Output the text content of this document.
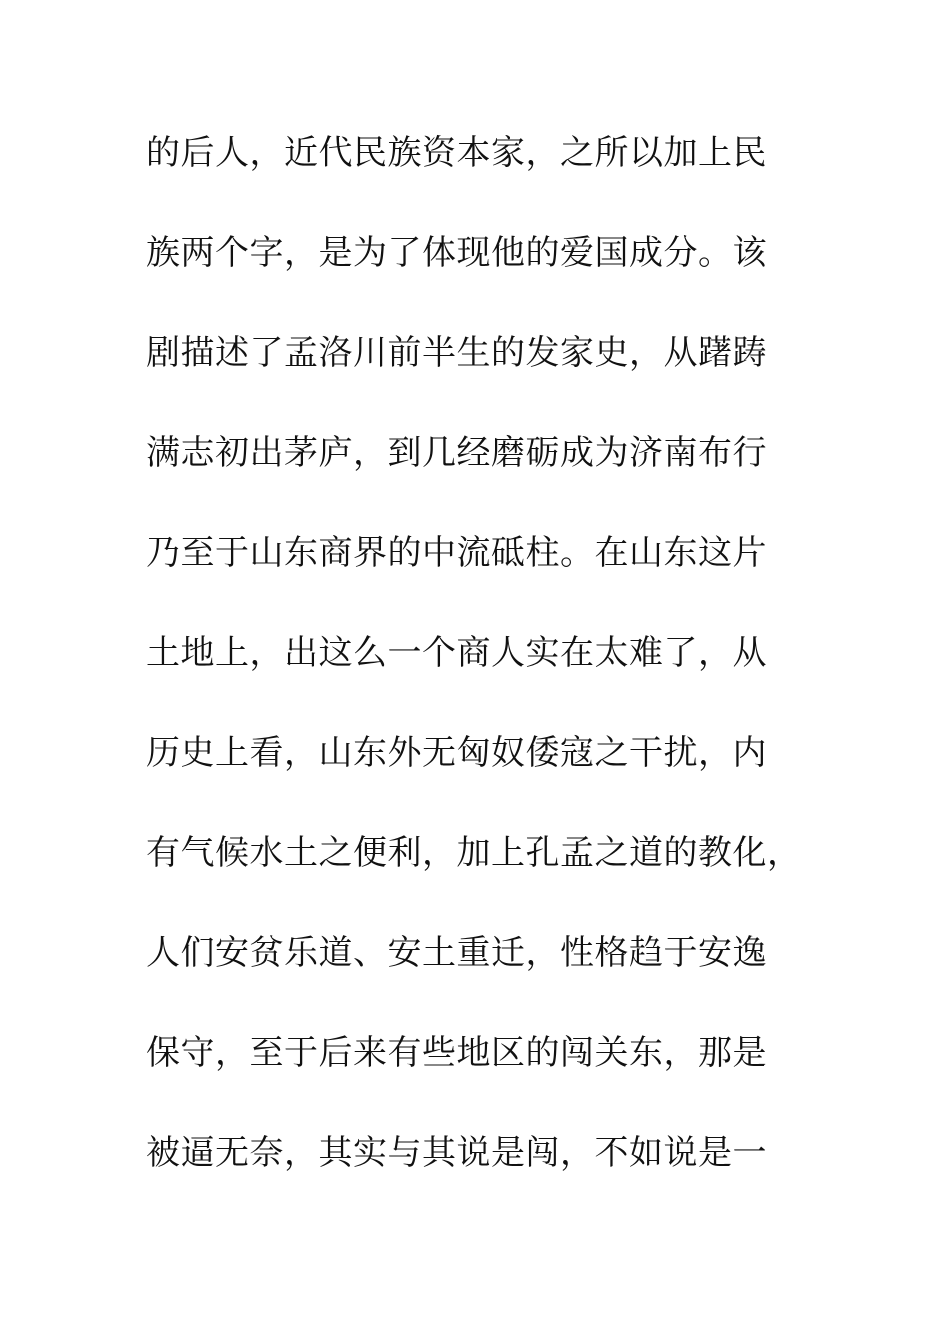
的后人，近代民族资本家，之所以加上民
族两个字，是为了体现他的爱国成分。该
剧描述了孟洛川前半生的发家史，从躇踌
满志初出茅庐，到几经磨砺成为济南布行
乃至于山东商界的中流砥柱。在山东这片
土地上，出这么一个商人实在太难了，从
历史上看，山东外无匈奴倭寇之干扰，内
有气候水土之便利，加上孔孟之道的教化，
人们安贫乐道、安土重迁，性格趋于安逸
保守，至于后来有些地区的闯关东，那是
被逼无奈，其实与其说是闯，不如说是一
